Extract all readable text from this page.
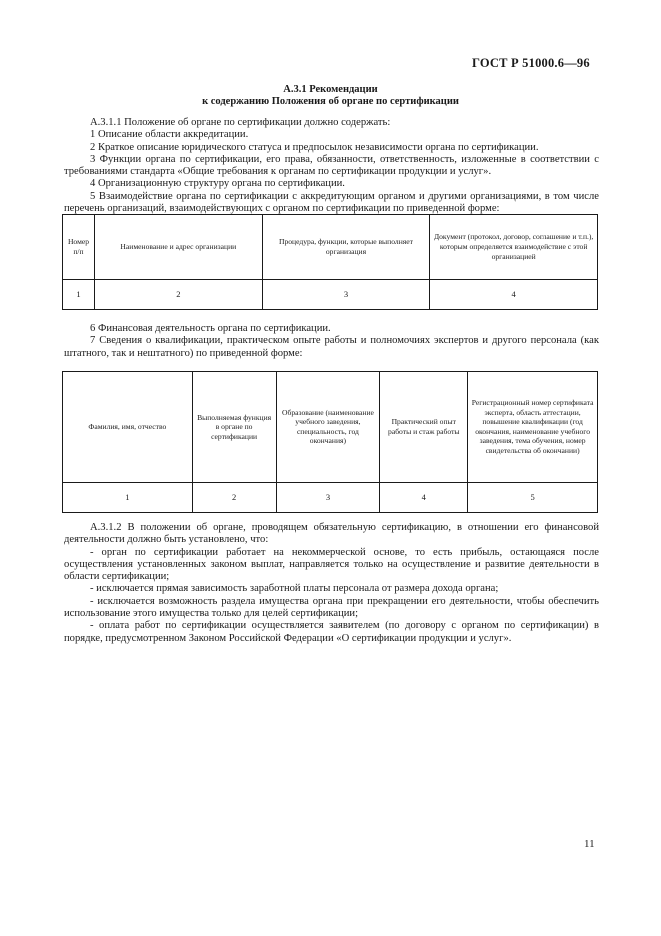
ГОСТ Р 51000.6—96
А.3.1 Рекомендации
к содержанию Положения об органе по сертификации

А.3.1.1 Положение об органе по сертификации должно содержать:

1 Описание области аккредитации.

2 Краткое описание юридического статуса и предпосылок независимости органа по сертификации.

3 Функции органа по сертификации, его права, обязанности, ответственность, изложенные в соответствии с требованиями стандарта «Общие требования к органам по сертификации продукции и услуг».

4 Организационную структуру органа по сертификации.

5 Взаимодействие органа по сертификации с аккредитующим органом и другими организациями, в том числе перечень организаций, взаимодействующих с органом по сертификации по приведенной форме:

Номер п/п	Наименование и адрес организации	Процедура, функции, которые выполняет организация	Документ (протокол, договор, соглашение и т.п.), которым определяется взаимодействие с этой организацией
1	2	3	4

6 Финансовая деятельность органа по сертификации.

7 Сведения о квалификации, практическом опыте работы и полномочиях экспертов и другого персонала (как штатного, так и нештатного) по приведенной форме:

Фамилия, имя, отчество	Выполняемая функция в органе по сертификации	Образование (наименование учебного заведения, специальность, год окончания)	Практический опыт работы и стаж работы	Регистрационный номер сертификата эксперта, область аттестации, повышение квалификации (год окончания, наименование учебного заведения, тема обучения, номер свидетельства об окончании)
1	2	3	4	5

А.3.1.2 В положении об органе, проводящем обязательную сертификацию, в отношении его финансовой деятельности должно быть установлено, что:

- орган по сертификации работает на некоммерческой основе, то есть прибыль, остающаяся после осуществления установленных законом выплат, направляется только на осуществление и развитие деятельности в области сертификации;

- исключается прямая зависимость заработной платы персонала от размера дохода органа;

- исключается возможность раздела имущества органа при прекращении его деятельности, чтобы обеспечить использование этого имущества только для целей сертификации;

- оплата работ по сертификации осуществляется заявителем (по договору с органом по сертификации) в порядке, предусмотренном Законом Российской Федерации «О сертификации продукции и услуг».

11
